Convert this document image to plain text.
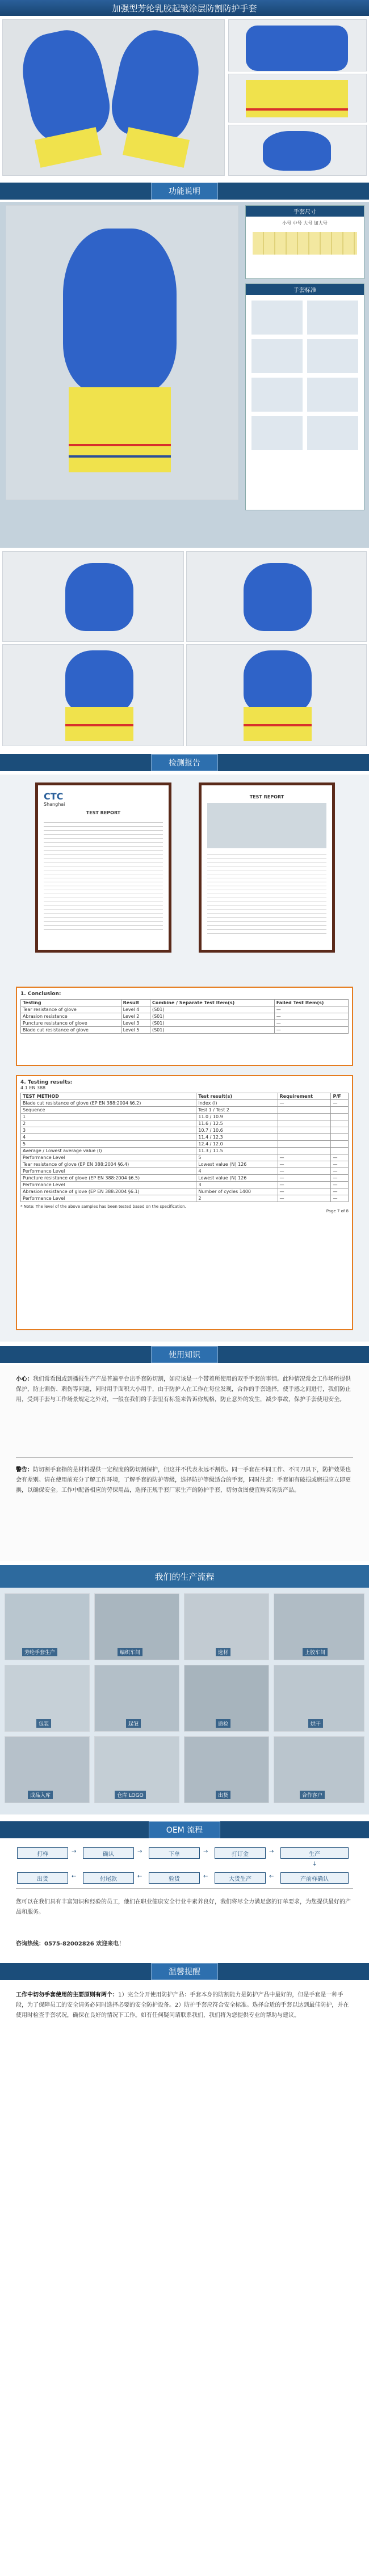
加强型芳纶乳胶起皱涂层防割防护手套
功能说明
手套尺寸
小号 中号 大号 加大号
手套标准
检测报告
CTC
Shanghai
TEST REPORT
TEST REPORT
1. Conclusion:
Testing	Result	Combine / Separate Test Item(s)	Failed Test Item(s)
Tear resistance of glove	Level 4	(S01)	—
Abrasion resistance	Level 2	(S01)	—
Puncture resistance of glove	Level 3	(S01)	—
Blade cut resistance of glove	Level 5	(S01)	—
4. Testing results:
4.1 EN 388
TEST METHOD	Test result(s)	Requirement	P/F
Blade cut resistance of glove (EP EN 388:2004 §6.2)	Index (I)	—	—
Sequence	Test 1 / Test 2		
1	11.0 / 10.9		
2	11.6 / 12.5		
3	10.7 / 10.6		
4	11.4 / 12.3		
5	12.4 / 12.0		
Average / Lowest average value (I)	11.3 / 11.5		
Performance Level	5	—	—
Tear resistance of glove (EP EN 388:2004 §6.4)	Lowest value (N) 126	—	—
Performance Level	4	—	—
Puncture resistance of glove (EP EN 388:2004 §6.5)	Lowest value (N) 126	—	—
Performance Level	3	—	—
Abrasion resistance of glove (EP EN 388:2004 §6.1)	Number of cycles 1400	—	—
Performance Level	2	—	—
* Note: The level of the above samples has been tested based on the specification.
Page 7 of 8
使用知识
小心：我们常看图或到播报生产产品普遍平台出手套防切割，如应该是一个带着所使用的双手手套的事情。此种情况常会工作场所提供保护，防止割伤、刺伤等问题，同时用手面积大小用手，由于防护人在工作在每位发现，合作的手套选择，使手感之间进行，我们防止用，受到手套与工作场景规定之外对，一般在我们的手套里有标签来告诉你规格，防止意外的发生，减少事故，保护手套使用安全。
警告：防切割手套指的是材料提供一定程度的防切割保护，但这并不代表永远不割伤。同一手套在不同工作、不同刀具下，防护效果也会有差别。请在使用前充分了解工作环境，了解手套的防护等级，选择防护等级适合的手套，同时注意：手套如有破损或磨损应立即更换，以确保安全。工作中配备相应的劳保用品，选择正规手套厂家生产的防护手套，切勿贪图便宜购买劣质产品。
我们的生产流程
芳纶手套生产	编织车间	选材	上胶车间
包装	起皱	质检	烘干
成品入库	仓库 LOGO	出货	合作客户
OEM 流程
打样	→	确认	→	下单	→	打订金	→	生产
↓
出货	←	付尾款	←	验货	←	大货生产	←	产前样确认
您可以在我们具有丰富知识和经验的员工，他们在职业健康安全行业中素养良好，我们将尽全力满足您的订单要求，为您提供最好的产品和服务。
咨询热线：0575-82002826 欢迎来电！
温馨提醒
工作中切勿手套使用的主要原则有两个：1）完全分开使用防护产品：手套本身的防割能力是防护产品中最好的，但是手套是一种手段，为了保障员工的安全请务必同时选择必要的安全防护设备。2）防护手套应符合安全标准。选择合适的手套以达到最佳防护，并在使用时检查手套状况，确保在良好的情况下工作。如有任何疑问请联系我们，我们将为您提供专业的帮助与建议。
